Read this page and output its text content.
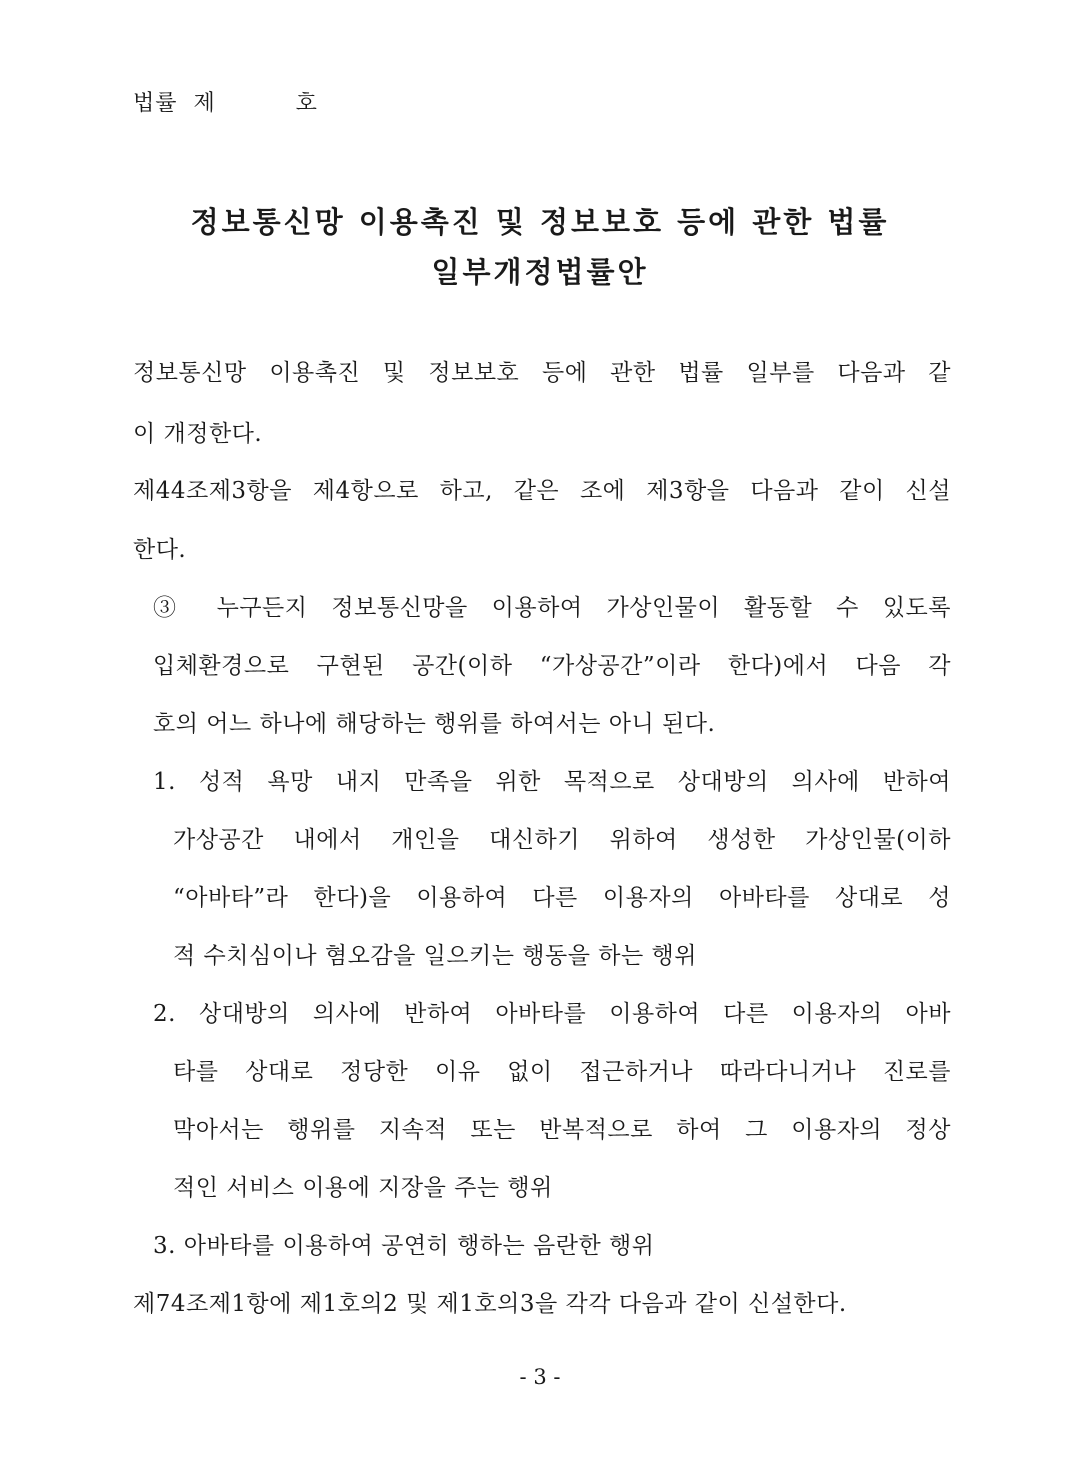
법률  제          호
정보통신망 이용촉진 및 정보보호 등에 관한 법률
일부개정법률안
정보통신망 이용촉진 및 정보보호 등에 관한 법률 일부를 다음과 같
이 개정한다.
제44조제3항을 제4항으로 하고, 같은 조에 제3항을 다음과 같이 신설
한다.
③ 누구든지 정보통신망을 이용하여 가상인물이 활동할 수 있도록
입체환경으로 구현된 공간(이하 “가상공간”이라 한다)에서 다음 각
호의 어느 하나에 해당하는 행위를 하여서는 아니 된다.
1. 성적 욕망 내지 만족을 위한 목적으로 상대방의 의사에 반하여
가상공간 내에서 개인을 대신하기 위하여 생성한 가상인물(이하
“아바타”라 한다)을 이용하여 다른 이용자의 아바타를 상대로 성
적 수치심이나 혐오감을 일으키는 행동을 하는 행위
2. 상대방의 의사에 반하여 아바타를 이용하여 다른 이용자의 아바
타를 상대로 정당한 이유 없이 접근하거나 따라다니거나 진로를
막아서는 행위를 지속적 또는 반복적으로 하여 그 이용자의 정상
적인 서비스 이용에 지장을 주는 행위
3. 아바타를 이용하여 공연히 행하는 음란한 행위
제74조제1항에 제1호의2 및 제1호의3을 각각 다음과 같이 신설한다.
- 3 -
